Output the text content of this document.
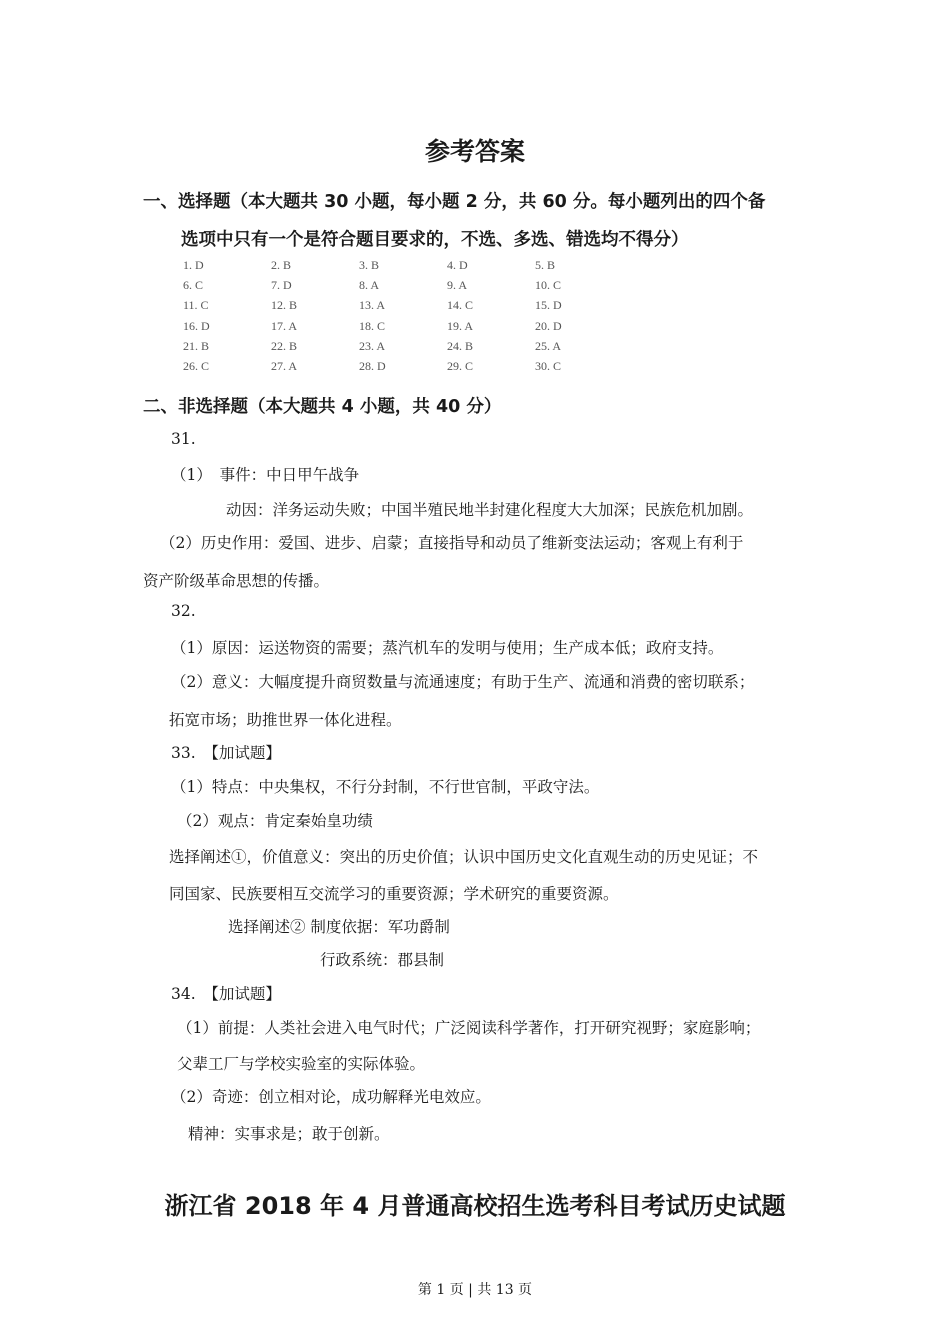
参考答案
一、选择题（本大题共 30 小题，每小题 2 分，共 60 分。每小题列出的四个备
选项中只有一个是符合题目要求的，不选、多选、错选均不得分）
1. D	2. B	3. B	4. D	5. B
6. C	7. D	8. A	9. A	10. C
11. C	12. B	13. A	14. C	15. D
16. D	17. A	18. C	19. A	20. D
21. B	22. B	23. A	24. B	25. A
26. C	27. A	28. D	29. C	30. C
二、非选择题（本大题共 4 小题，共 40 分）
31.
（1）　事件：中日甲午战争
动因：洋务运动失败；中国半殖民地半封建化程度大大加深；民族危机加剧。
（2）历史作用：爱国、进步、启蒙；直接指导和动员了维新变法运动；客观上有利于
资产阶级革命思想的传播。
32.
（1）原因：运送物资的需要；蒸汽机车的发明与使用；生产成本低；政府支持。
（2）意义：大幅度提升商贸数量与流通速度；有助于生产、流通和消费的密切联系；
拓宽市场；助推世界一体化进程。
33.　【加试题】
（1）特点：中央集权，不行分封制，不行世官制，平政守法。
（2）观点：肯定秦始皇功绩
选择阐述①，价值意义：突出的历史价值；认识中国历史文化直观生动的历史见证；不
同国家、民族要相互交流学习的重要资源；学术研究的重要资源。
选择阐述② 制度依据：军功爵制
行政系统：郡县制
34.　【加试题】
（1）前提：人类社会进入电气时代；广泛阅读科学著作，打开研究视野；家庭影响；
父辈工厂与学校实验室的实际体验。
（2）奇迹：创立相对论，成功解释光电效应。
精神：实事求是；敢于创新。
浙江省 2018 年 4 月普通高校招生选考科目考试历史试题
第 1 页 | 共 13 页
